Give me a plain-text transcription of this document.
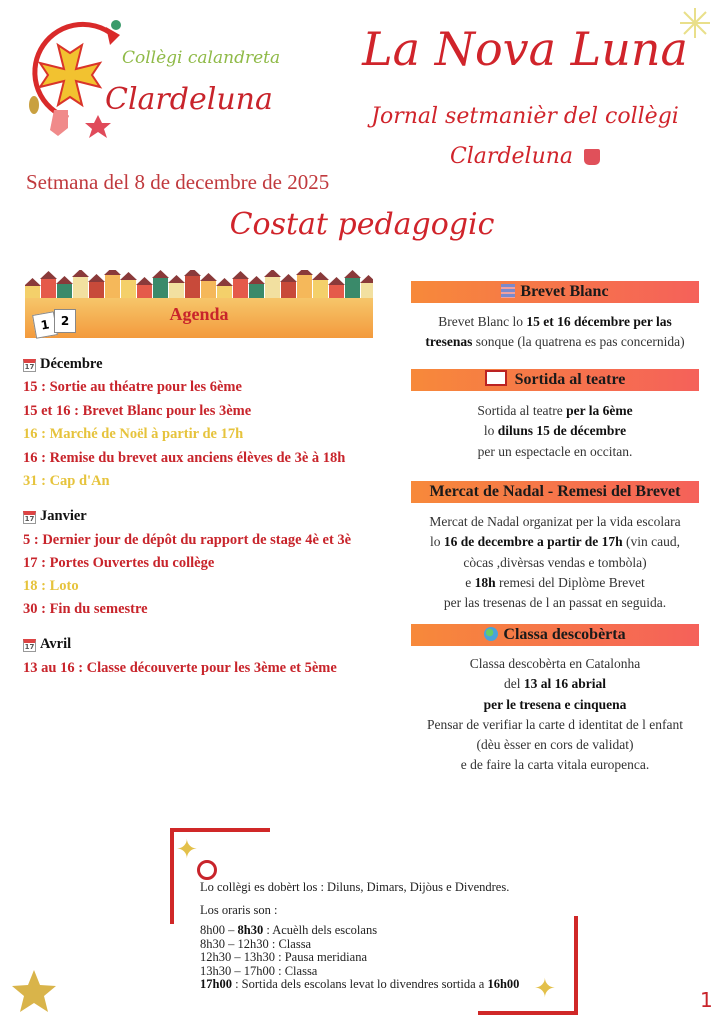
Collègi calandreta
Clardeluna
La Nova Luna
Jornal setmanièr del collègi
Clardeluna
Setmana del 8 de decembre de 2025
Costat pedagogic
1 2	Agenda
17 Décembre
15 : Sortie au théatre pour les 6ème
15 et 16 : Brevet Blanc pour les 3ème
16 : Marché de Noël à partir de 17h
16 : Remise du brevet aux anciens élèves de 3è à 18h
31 : Cap d'An
17 Janvier
5 : Dernier jour de dépôt du rapport de stage 4è et 3è
17 : Portes Ouvertes du collège
18 : Loto
30 : Fin du semestre
17 Avril
13 au 16 : Classe découverte pour les 3ème et 5ème
Brevet Blanc
Brevet Blanc lo 15 et 16 décembre per las
tresenas sonque (la quatrena es pas concernida)
Sortida al teatre
Sortida al teatre per la 6ème
lo diluns 15 de décembre
per un espectacle en occitan.
Mercat de Nadal - Remesi del Brevet
Mercat de Nadal organizat per la vida escolara
lo 16 de decembre a partir de 17h (vin caud,
còcas ,divèrsas vendas e tombòla)
e 18h remesi del Diplòme Brevet
per las tresenas de l an passat en seguida.
Classa descobèrta
Classa descobèrta en Catalonha
del 13 al 16 abrial
per le tresena e cinquena
Pensar de verifiar la carte d identitat de l enfant
(dèu èsser en cors de validat)
e de faire la carta vitala europenca.
✦
✦
Lo collègi es dobèrt los : Diluns, Dimars, Dijòus e Divendres.
Los oraris son :
8h00 – 8h30 : Acuèlh dels escolans
8h30 – 12h30 : Classa
12h30 – 13h30 : Pausa meridiana
13h30 – 17h00 : Classa
17h00 : Sortida dels escolans levat lo divendres sortida a 16h00
1
